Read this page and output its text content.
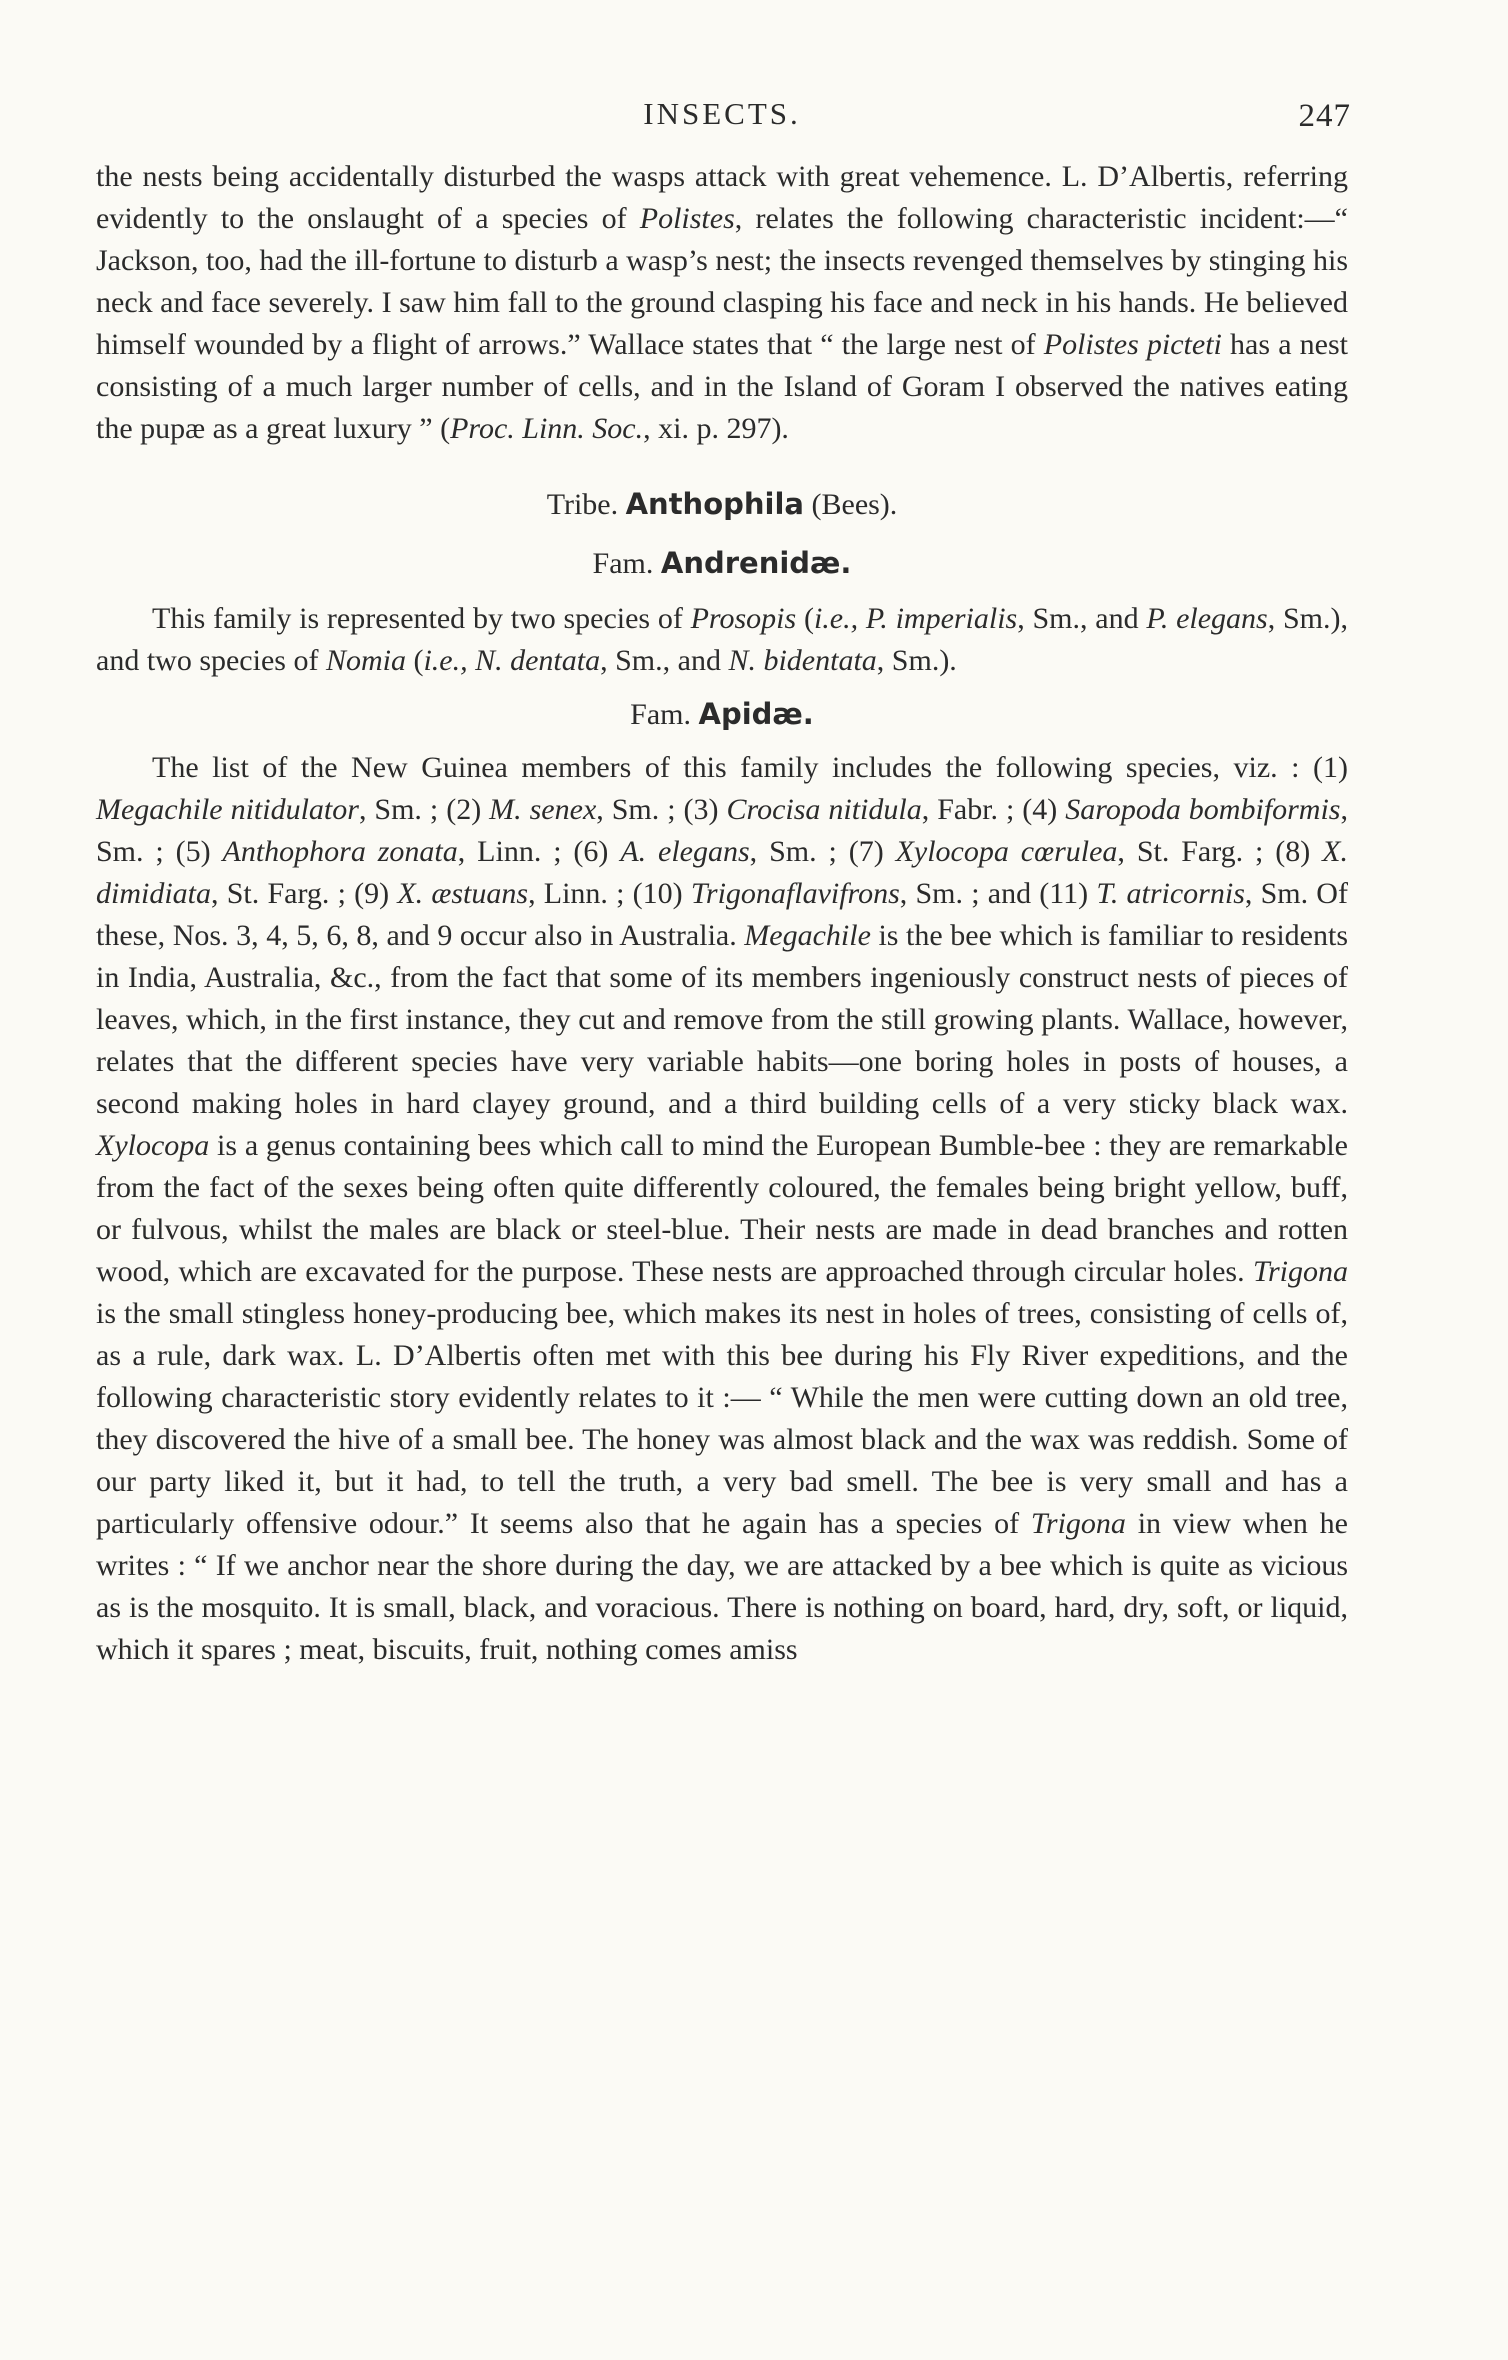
INSECTS.	247

the nests being accidentally disturbed the wasps attack with great vehemence. L. D’Albertis, referring evidently to the onslaught of a species of Polistes, relates the following characteristic incident:—“ Jackson, too, had the ill-fortune to disturb a wasp’s nest; the insects revenged themselves by stinging his neck and face severely. I saw him fall to the ground clasping his face and neck in his hands. He believed himself wounded by a flight of arrows.” Wallace states that “ the large nest of Polistes picteti has a nest consisting of a much larger number of cells, and in the Island of Goram I observed the natives eating the pupæ as a great luxury ” (Proc. Linn. Soc., xi. p. 297).

Tribe. Anthophila (Bees).
Fam. Andrenidæ.

This family is represented by two species of Prosopis (i.e., P. imperialis, Sm., and P. elegans, Sm.), and two species of Nomia (i.e., N. dentata, Sm., and N. bidentata, Sm.).

Fam. Apidæ.

The list of the New Guinea members of this family includes the following species, viz. : (1) Megachile nitidulator, Sm. ; (2) M. senex, Sm. ; (3) Crocisa nitidula, Fabr. ; (4) Saropoda bombiformis, Sm. ; (5) Anthophora zonata, Linn. ; (6) A. elegans, Sm. ; (7) Xylocopa cœrulea, St. Farg. ; (8) X. dimidiata, St. Farg. ; (9) X. æstuans, Linn. ; (10) Trigonaflavifrons, Sm. ; and (11) T. atricornis, Sm. Of these, Nos. 3, 4, 5, 6, 8, and 9 occur also in Australia. Megachile is the bee which is familiar to residents in India, Australia, &c., from the fact that some of its members ingeniously construct nests of pieces of leaves, which, in the first instance, they cut and remove from the still growing plants. Wallace, however, relates that the different species have very variable habits—one boring holes in posts of houses, a second making holes in hard clayey ground, and a third building cells of a very sticky black wax. Xylocopa is a genus containing bees which call to mind the European Bumble-bee : they are remarkable from the fact of the sexes being often quite differently coloured, the females being bright yellow, buff, or fulvous, whilst the males are black or steel-blue. Their nests are made in dead branches and rotten wood, which are excavated for the purpose. These nests are approached through circular holes. Trigona is the small stingless honey-producing bee, which makes its nest in holes of trees, consisting of cells of, as a rule, dark wax. L. D’Albertis often met with this bee during his Fly River expeditions, and the following characteristic story evidently relates to it :— “ While the men were cutting down an old tree, they discovered the hive of a small bee. The honey was almost black and the wax was reddish. Some of our party liked it, but it had, to tell the truth, a very bad smell. The bee is very small and has a particularly offensive odour.” It seems also that he again has a species of Trigona in view when he writes : “ If we anchor near the shore during the day, we are attacked by a bee which is quite as vicious as is the mosquito. It is small, black, and voracious. There is nothing on board, hard, dry, soft, or liquid, which it spares ; meat, biscuits, fruit, nothing comes amiss
